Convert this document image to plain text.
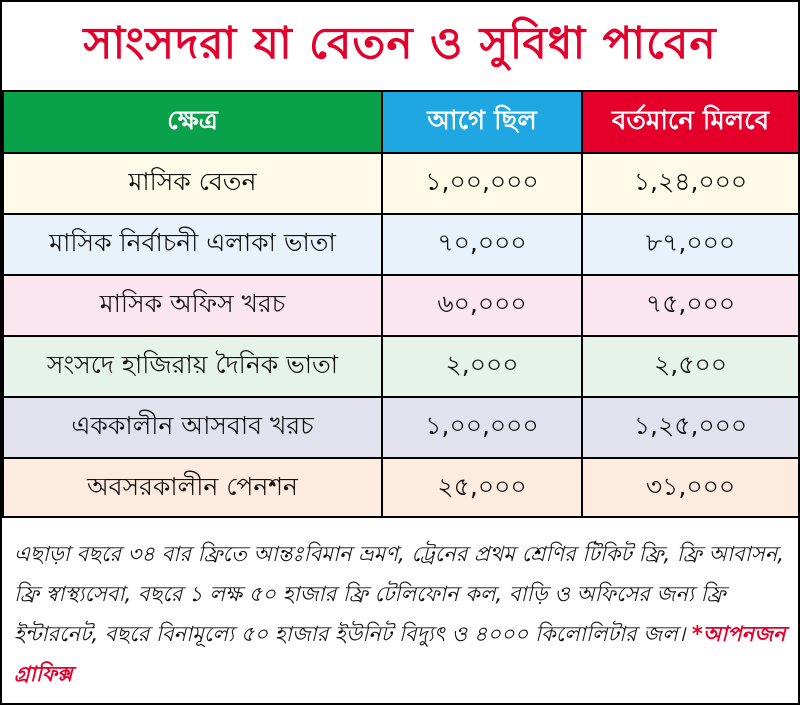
সাংসদরা যা বেতন ও সুবিধা পাবেন
ক্ষেত্র	আগে ছিল	বর্তমানে মিলবে
মাসিক বেতন	১,০০,০০০	১,২৪,০০০
মাসিক নির্বাচনী এলাকা ভাতা	৭০,০০০	৮৭,০০০
মাসিক অফিস খরচ	৬০,০০০	৭৫,০০০
সংসদে হাজিরায় দৈনিক ভাতা	২,০০০	২,৫০০
এককালীন আসবাব খরচ	১,০০,০০০	১,২৫,০০০
অবসরকালীন পেনশন	২৫,০০০	৩১,০০০
এছাড়া বছরে ৩৪ বার ফ্রিতে আন্তঃবিমান ভ্রমণ, ট্রেনের প্রথম শ্রেণির টিকিট ফ্রি, ফ্রি আবাসন, ফ্রি স্বাস্থ্যসেবা, বছরে ১ লক্ষ ৫০ হাজার ফ্রি টেলিফোন কল, বাড়ি ও অফিসের জন্য ফ্রি ইন্টারনেট, বছরে বিনামূল্যে ৫০ হাজার ইউনিট বিদ্যুৎ ও ৪০০০ কিলোলিটার জল। *আপনজন গ্রাফিক্স
